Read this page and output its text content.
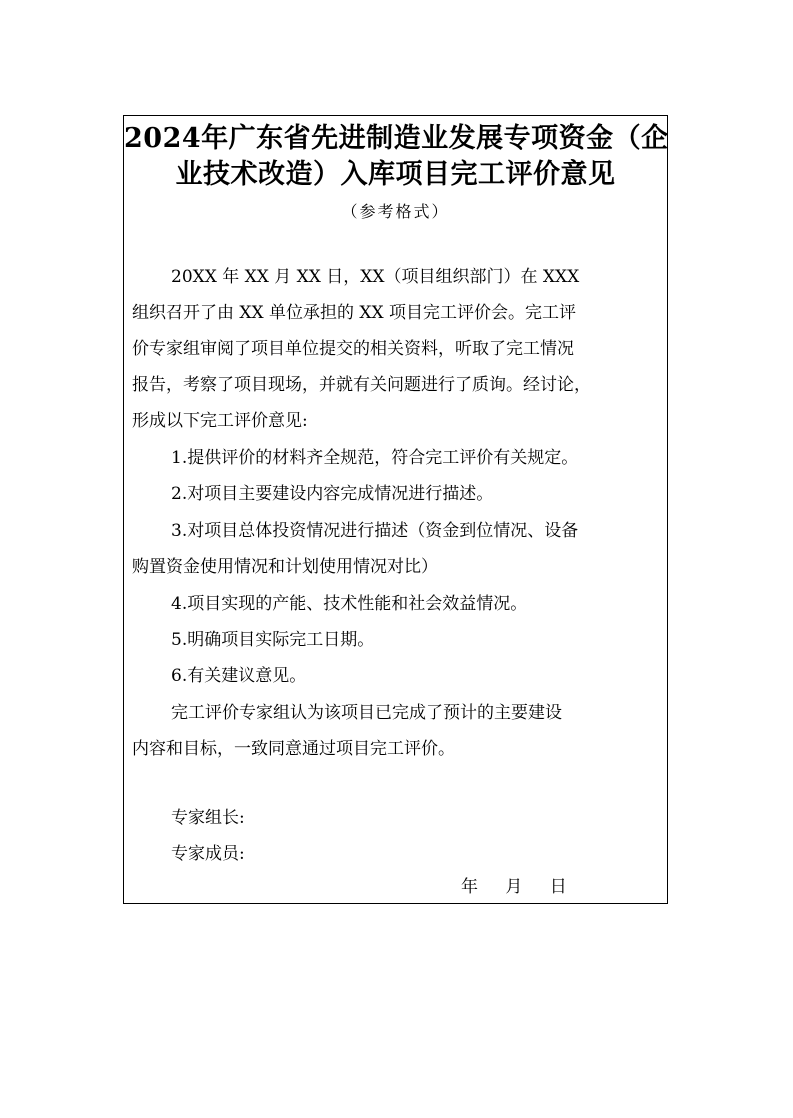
2024年广东省先进制造业发展专项资金（企
业技术改造）入库项目完工评价意见
（参考格式）
20XX 年 XX 月 XX 日，XX（项目组织部门）在 XXX
组织召开了由 XX 单位承担的 XX 项目完工评价会。完工评
价专家组审阅了项目单位提交的相关资料，听取了完工情况
报告，考察了项目现场，并就有关问题进行了质询。经讨论，
形成以下完工评价意见:
1.提供评价的材料齐全规范，符合完工评价有关规定。
2.对项目主要建设内容完成情况进行描述。
3.对项目总体投资情况进行描述（资金到位情况、设备
购置资金使用情况和计划使用情况对比）
4.项目实现的产能、技术性能和社会效益情况。
5.明确项目实际完工日期。
6.有关建议意见。
完工评价专家组认为该项目已完成了预计的主要建设
内容和目标，一致同意通过项目完工评价。
专家组长:
专家成员:
年 月 日
